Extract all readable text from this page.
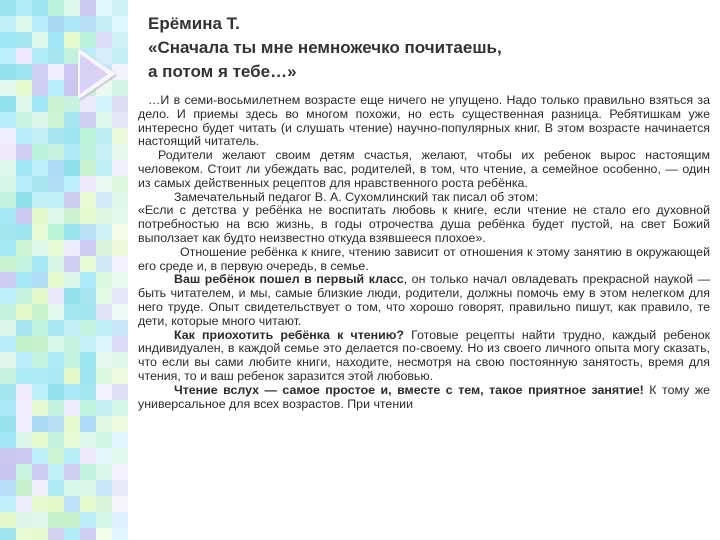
Ерёмина Т.
«Сначала ты мне немножечко почитаешь,
а потом я тебе…»

…И в семи-восьмилетнем возрасте еще ничего не упущено. Надо только правильно взяться за дело. И приемы здесь во многом похожи, но есть существенная разница. Ребятишкам уже интересно будет читать (и слушать чтение) научно-популярных книг. В этом возрасте начинается настоящий читатель.

Родители желают своим детям счастья, желают, чтобы их ребенок вырос настоящим человеком. Стоит ли убеждать вас, родителей, в том, что чтение, а семейное особенно, — один из самых действенных рецептов для нравственного роста ребёнка.

Замечательный педагог В. А. Сухомлинский так писал об этом:

«Если с детства у ребёнка не воспитать любовь к книге, если чтение не стало его духовной потребностью на всю жизнь, в годы отрочества душа ребёнка будет пустой, на свет Божий выползает как будто неизвестно откуда взявшееся плохое».

Отношение ребёнка к книге, чтению зависит от отношения к этому занятию в окружающей его среде и, в первую очередь, в семье.

Ваш ребёнок пошел в первый класс, он только начал овладевать прекрасной наукой — быть читателем, и мы, самые близкие люди, родители, должны помочь ему в этом нелегком для него труде. Опыт свидетельствует о том, что хорошо говорят, правильно пишут, как правило, те дети, которые много читают.

Как приохотить ребёнка к чтению? Готовые рецепты найти трудно, каждый ребенок индивидуален, в каждой семье это делается по-своему. Но из своего личного опыта могу сказать, что если вы сами любите книги, находите, несмотря на свою постоянную занятость, время для чтения, то и ваш ребенок заразится этой любовью.

Чтение вслух — самое простое и, вместе с тем, такое приятное занятие! К тому же универсальное для всех возрастов. При чтении
